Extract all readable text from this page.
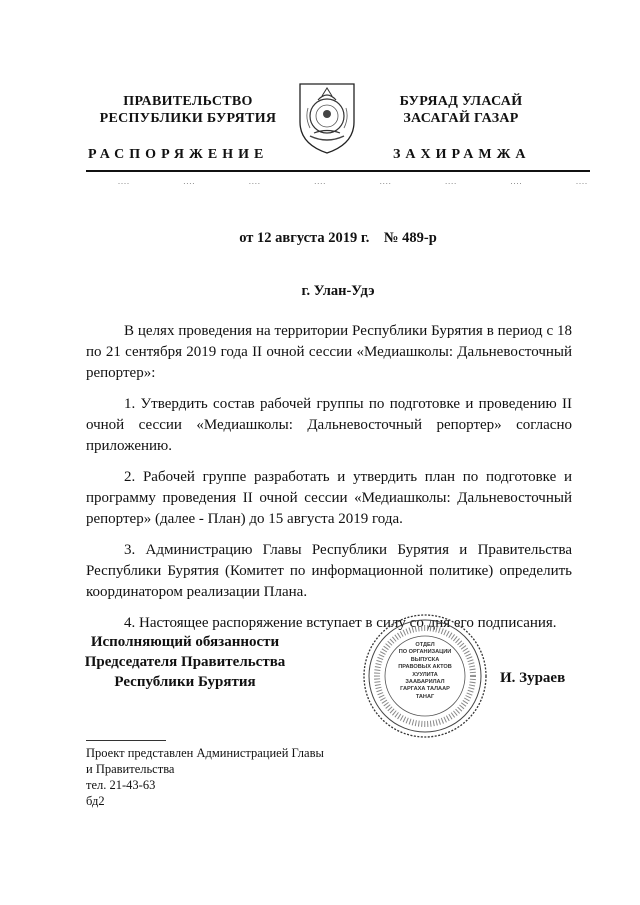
ПРАВИТЕЛЬСТВО
РЕСПУБЛИКИ БУРЯТИЯ
БУРЯАД УЛАСАЙ
ЗАСАГАЙ ГАЗАР
РАСПОРЯЖЕНИЕ	ЗАХИРАМЖА
....	....	....	....	....	....	....	....
от 12 августа 2019 г.    № 489-р
г. Улан-Удэ
В целях проведения на территории Республики Бурятия в период с 18 по 21 сентября 2019 года II очной сессии «Медиашколы: Дальневосточный репортер»:
1. Утвердить состав рабочей группы по подготовке и проведению II очной сессии «Медиашколы: Дальневосточный репортер» согласно приложению.
2. Рабочей группе разработать и утвердить план по подготовке и программу проведения II очной сессии «Медиашколы: Дальневосточный репортер» (далее - План) до 15 августа 2019 года.
3. Администрацию Главы Республики Бурятия и Правительства Республики Бурятия (Комитет по информационной политике) определить координатором реализации Плана.
4. Настоящее распоряжение вступает в силу со дня его подписания.
Исполняющий обязанности
Председателя Правительства
Республики Бурятия
ОТДЕЛ
ПО ОРГАНИЗАЦИИ
ВЫПУСКА
ПРАВОВЫХ АКТОВ
ХУУЛИТА
ЗААБАРИЛАЛ
ГАРГАХА ТАЛААР
ТАНАГ
И. Зураев
Проект представлен Администрацией Главы
и Правительства
тел. 21-43-63
бд2
